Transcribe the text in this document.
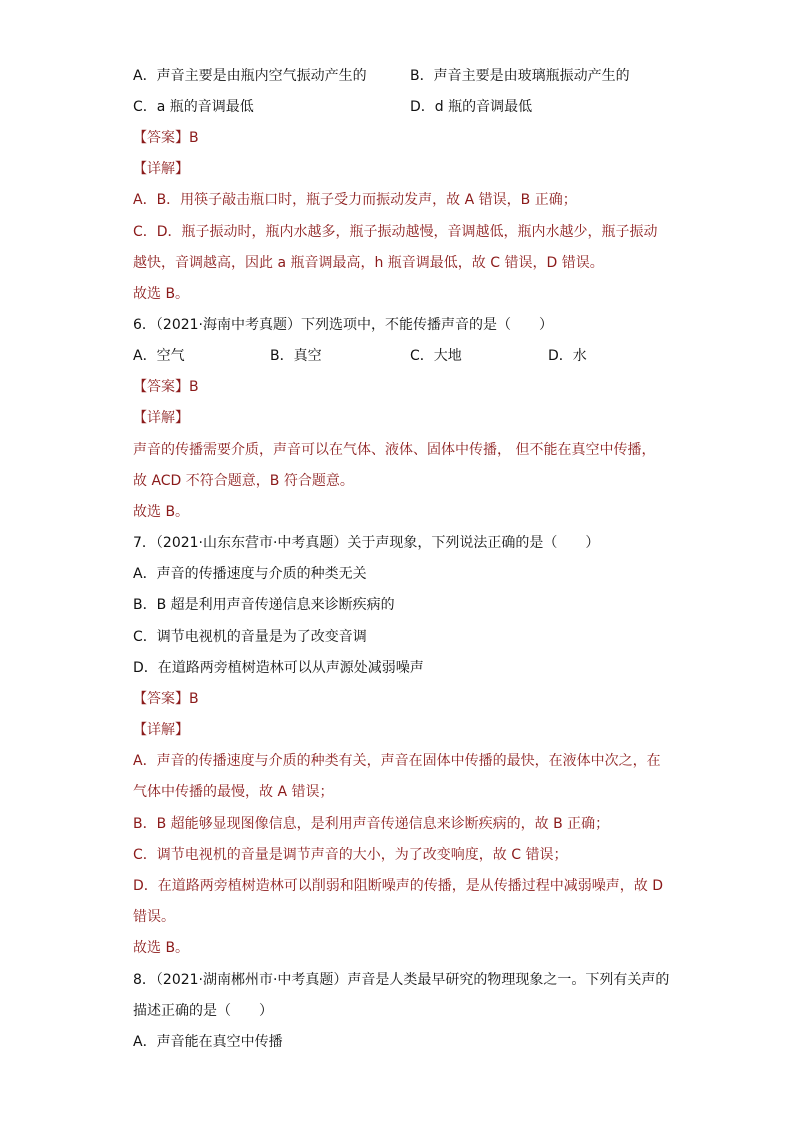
A．声音主要是由瓶内空气振动产生的	B．声音主要是由玻璃瓶振动产生的
C．a 瓶的音调最低	D．d 瓶的音调最低
【答案】B
【详解】
A．B．用筷子敲击瓶口时，瓶子受力而振动发声，故 A 错误，B 正确；
C．D．瓶子振动时，瓶内水越多，瓶子振动越慢，音调越低，瓶内水越少，瓶子振动
越快，音调越高，因此 a 瓶音调最高，h 瓶音调最低，故 C 错误，D 错误。
故选 B。
6．（2021·海南中考真题）下列选项中，不能传播声音的是（　　）
A．空气	B．真空	C．大地	D．水
【答案】B
【详解】
声音的传播需要介质，声音可以在气体、液体、固体中传播， 但不能在真空中传播，
故 ACD 不符合题意，B 符合题意。
故选 B。
7．（2021·山东东营市·中考真题）关于声现象，下列说法正确的是（　　）
A．声音的传播速度与介质的种类无关
B．B 超是利用声音传递信息来诊断疾病的
C．调节电视机的音量是为了改变音调
D．在道路两旁植树造林可以从声源处减弱噪声
【答案】B
【详解】
A．声音的传播速度与介质的种类有关，声音在固体中传播的最快，在液体中次之，在
气体中传播的最慢，故 A 错误；
B．B 超能够显现图像信息，是利用声音传递信息来诊断疾病的，故 B 正确；
C．调节电视机的音量是调节声音的大小，为了改变响度，故 C 错误；
D．在道路两旁植树造林可以削弱和阻断噪声的传播，是从传播过程中减弱噪声，故 D
错误。
故选 B。
8．（2021·湖南郴州市·中考真题）声音是人类最早研究的物理现象之一。下列有关声的
描述正确的是（　　）
A．声音能在真空中传播
